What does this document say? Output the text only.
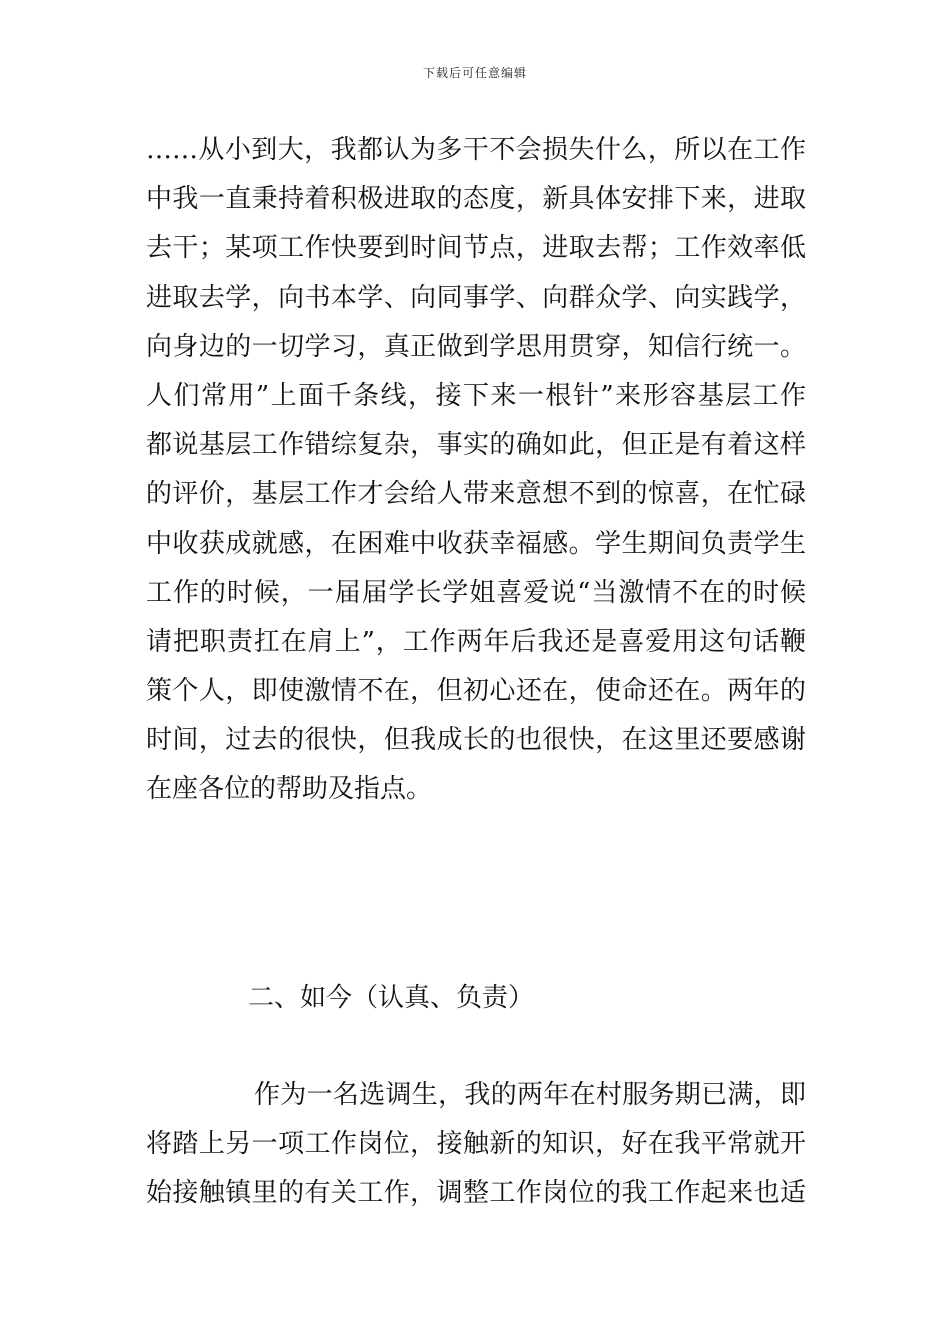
下载后可任意编辑
……从小到大，我都认为多干不会损失什么，所以在工作
中我一直秉持着积极进取的态度，新具体安排下来，进取
去干；某项工作快要到时间节点，进取去帮；工作效率低
进取去学，向书本学、向同事学、向群众学、向实践学，
向身边的一切学习，真正做到学思用贯穿，知信行统一。
人们常用”上面千条线，接下来一根针”来形容基层工作
都说基层工作错综复杂，事实的确如此，但正是有着这样
的评价，基层工作才会给人带来意想不到的惊喜，在忙碌
中收获成就感，在困难中收获幸福感。学生期间负责学生
工作的时候，一届届学长学姐喜爱说“当激情不在的时候
请把职责扛在肩上”，工作两年后我还是喜爱用这句话鞭
策个人，即使激情不在，但初心还在，使命还在。两年的
时间，过去的很快，但我成长的也很快，在这里还要感谢
在座各位的帮助及指点。
二、如今（认真、负责）
作为一名选调生，我的两年在村服务期已满，即
将踏上另一项工作岗位，接触新的知识，好在我平常就开
始接触镇里的有关工作，调整工作岗位的我工作起来也适
